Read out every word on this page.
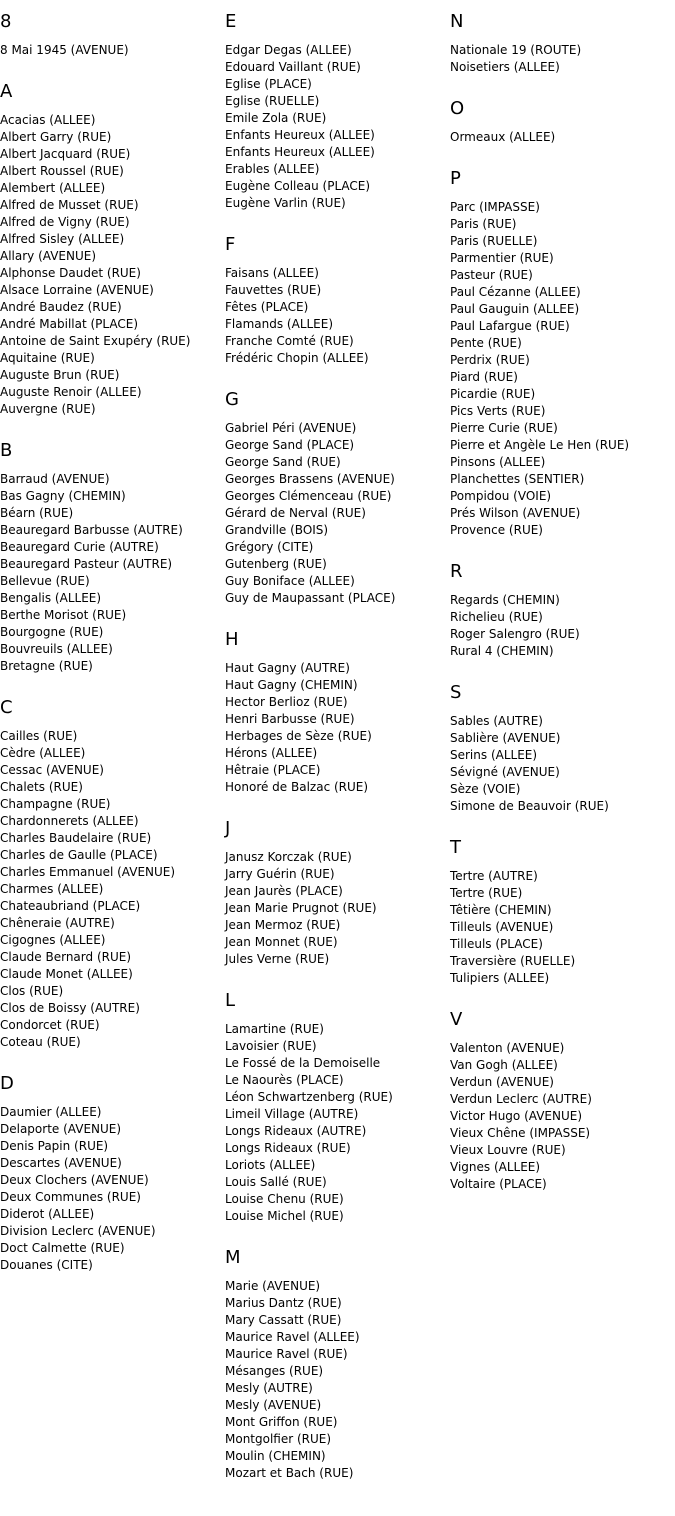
8
8 Mai 1945 (AVENUE)
A
Acacias (ALLEE)
Albert Garry (RUE)
Albert Jacquard (RUE)
Albert Roussel (RUE)
Alembert (ALLEE)
Alfred de Musset (RUE)
Alfred de Vigny (RUE)
Alfred Sisley (ALLEE)
Allary (AVENUE)
Alphonse Daudet (RUE)
Alsace Lorraine (AVENUE)
André Baudez (RUE)
André Mabillat (PLACE)
Antoine de Saint Exupéry (RUE)
Aquitaine (RUE)
Auguste Brun (RUE)
Auguste Renoir (ALLEE)
Auvergne (RUE)
B
Barraud (AVENUE)
Bas Gagny (CHEMIN)
Béarn (RUE)
Beauregard Barbusse (AUTRE)
Beauregard Curie (AUTRE)
Beauregard Pasteur (AUTRE)
Bellevue (RUE)
Bengalis (ALLEE)
Berthe Morisot (RUE)
Bourgogne (RUE)
Bouvreuils (ALLEE)
Bretagne (RUE)
C
Cailles (RUE)
Cèdre (ALLEE)
Cessac (AVENUE)
Chalets (RUE)
Champagne (RUE)
Chardonnerets (ALLEE)
Charles Baudelaire (RUE)
Charles de Gaulle (PLACE)
Charles Emmanuel (AVENUE)
Charmes (ALLEE)
Chateaubriand (PLACE)
Chêneraie (AUTRE)
Cigognes (ALLEE)
Claude Bernard (RUE)
Claude Monet (ALLEE)
Clos (RUE)
Clos de Boissy (AUTRE)
Condorcet (RUE)
Coteau (RUE)
D
Daumier (ALLEE)
Delaporte (AVENUE)
Denis Papin (RUE)
Descartes (AVENUE)
Deux Clochers (AVENUE)
Deux Communes (RUE)
Diderot (ALLEE)
Division Leclerc (AVENUE)
Doct Calmette (RUE)
Douanes (CITE)
E
Edgar Degas (ALLEE)
Edouard Vaillant (RUE)
Eglise (PLACE)
Eglise (RUELLE)
Emile Zola (RUE)
Enfants Heureux (ALLEE)
Enfants Heureux (ALLEE)
Erables (ALLEE)
Eugène Colleau (PLACE)
Eugène Varlin (RUE)
F
Faisans (ALLEE)
Fauvettes (RUE)
Fêtes (PLACE)
Flamands (ALLEE)
Franche Comté (RUE)
Frédéric Chopin (ALLEE)
G
Gabriel Péri (AVENUE)
George Sand (PLACE)
George Sand (RUE)
Georges Brassens (AVENUE)
Georges Clémenceau (RUE)
Gérard de Nerval (RUE)
Grandville (BOIS)
Grégory (CITE)
Gutenberg (RUE)
Guy Boniface (ALLEE)
Guy de Maupassant (PLACE)
H
Haut Gagny (AUTRE)
Haut Gagny (CHEMIN)
Hector Berlioz (RUE)
Henri Barbusse (RUE)
Herbages de Sèze (RUE)
Hérons (ALLEE)
Hêtraie (PLACE)
Honoré de Balzac (RUE)
J
Janusz Korczak (RUE)
Jarry Guérin (RUE)
Jean Jaurès (PLACE)
Jean Marie Prugnot (RUE)
Jean Mermoz (RUE)
Jean Monnet (RUE)
Jules Verne (RUE)
L
Lamartine (RUE)
Lavoisier (RUE)
Le Fossé de la Demoiselle
Le Naourès (PLACE)
Léon Schwartzenberg (RUE)
Limeil Village (AUTRE)
Longs Rideaux (AUTRE)
Longs Rideaux (RUE)
Loriots (ALLEE)
Louis Sallé (RUE)
Louise Chenu (RUE)
Louise Michel (RUE)
M
Marie (AVENUE)
Marius Dantz (RUE)
Mary Cassatt (RUE)
Maurice Ravel (ALLEE)
Maurice Ravel (RUE)
Mésanges (RUE)
Mesly (AUTRE)
Mesly (AVENUE)
Mont Griffon (RUE)
Montgolfier (RUE)
Moulin (CHEMIN)
Mozart et Bach (RUE)
N
Nationale 19 (ROUTE)
Noisetiers (ALLEE)
O
Ormeaux (ALLEE)
P
Parc (IMPASSE)
Paris (RUE)
Paris (RUELLE)
Parmentier (RUE)
Pasteur (RUE)
Paul Cézanne (ALLEE)
Paul Gauguin (ALLEE)
Paul Lafargue (RUE)
Pente (RUE)
Perdrix (RUE)
Piard (RUE)
Picardie (RUE)
Pics Verts (RUE)
Pierre Curie (RUE)
Pierre et Angèle Le Hen (RUE)
Pinsons (ALLEE)
Planchettes (SENTIER)
Pompidou (VOIE)
Prés Wilson (AVENUE)
Provence (RUE)
R
Regards (CHEMIN)
Richelieu (RUE)
Roger Salengro (RUE)
Rural 4 (CHEMIN)
S
Sables (AUTRE)
Sablière (AVENUE)
Serins (ALLEE)
Sévigné (AVENUE)
Sèze (VOIE)
Simone de Beauvoir (RUE)
T
Tertre (AUTRE)
Tertre (RUE)
Têtière (CHEMIN)
Tilleuls (AVENUE)
Tilleuls (PLACE)
Traversière (RUELLE)
Tulipiers (ALLEE)
V
Valenton (AVENUE)
Van Gogh (ALLEE)
Verdun (AVENUE)
Verdun Leclerc (AUTRE)
Victor Hugo (AVENUE)
Vieux Chêne (IMPASSE)
Vieux Louvre (RUE)
Vignes (ALLEE)
Voltaire (PLACE)
